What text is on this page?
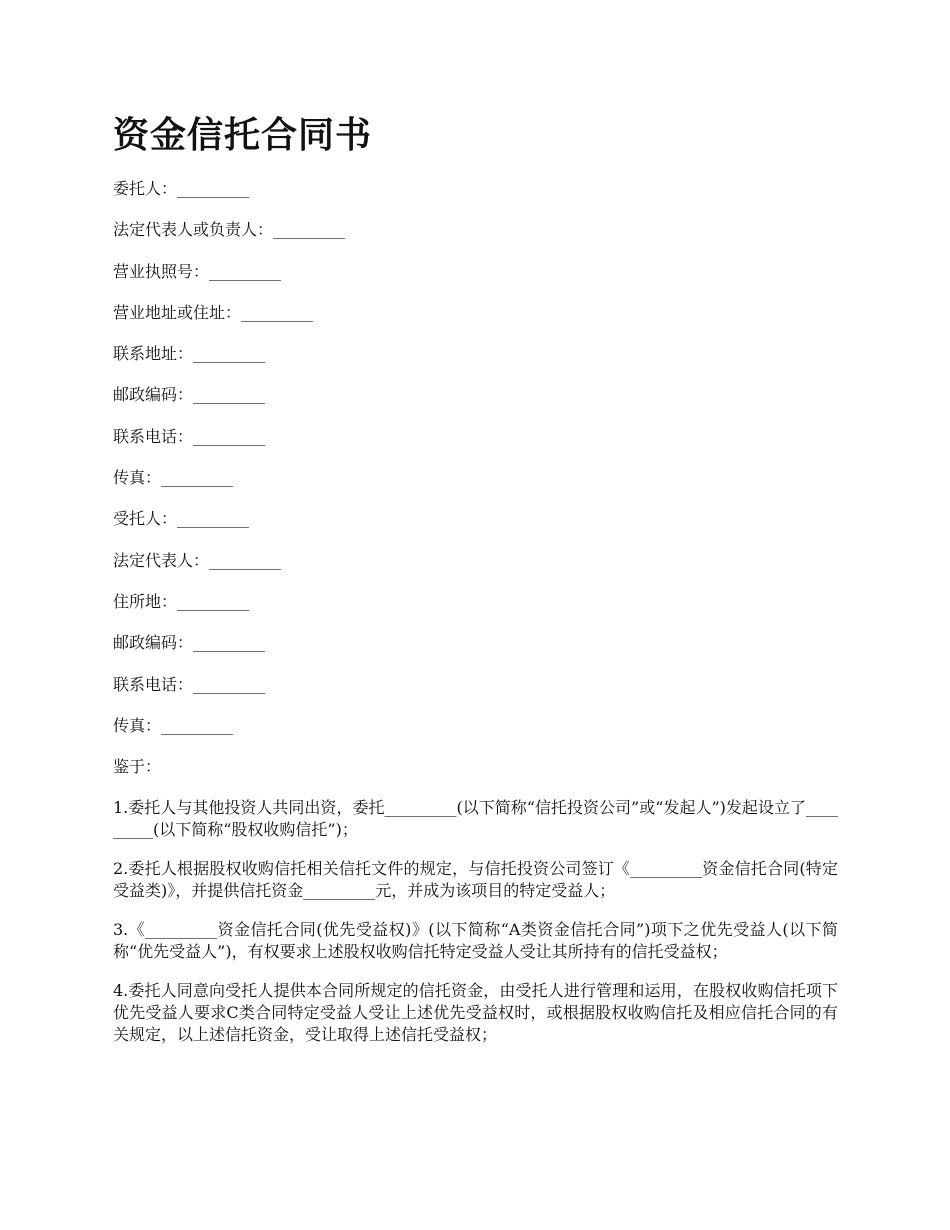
资金信托合同书
委托人：_________
法定代表人或负责人：_________
营业执照号：_________
营业地址或住址：_________
联系地址：_________
邮政编码：_________
联系电话：_________
传真：_________
受托人：_________
法定代表人：_________
住所地：_________
邮政编码：_________
联系电话：_________
传真：_________
鉴于：

1.委托人与其他投资人共同出资，委托_________(以下简称“信托投资公司”或“发起人”)发起设立了_________(以下简称“股权收购信托”)；

2.委托人根据股权收购信托相关信托文件的规定，与信托投资公司签订《_________资金信托合同(特定受益类)》，并提供信托资金_________元，并成为该项目的特定受益人；

3.《_________资金信托合同(优先受益权)》(以下简称“A类资金信托合同”)项下之优先受益人(以下简称“优先受益人”)，有权要求上述股权收购信托特定受益人受让其所持有的信托受益权；

4.委托人同意向受托人提供本合同所规定的信托资金，由受托人进行管理和运用，在股权收购信托项下优先受益人要求C类合同特定受益人受让上述优先受益权时，或根据股权收购信托及相应信托合同的有关规定，以上述信托资金，受让取得上述信托受益权；
